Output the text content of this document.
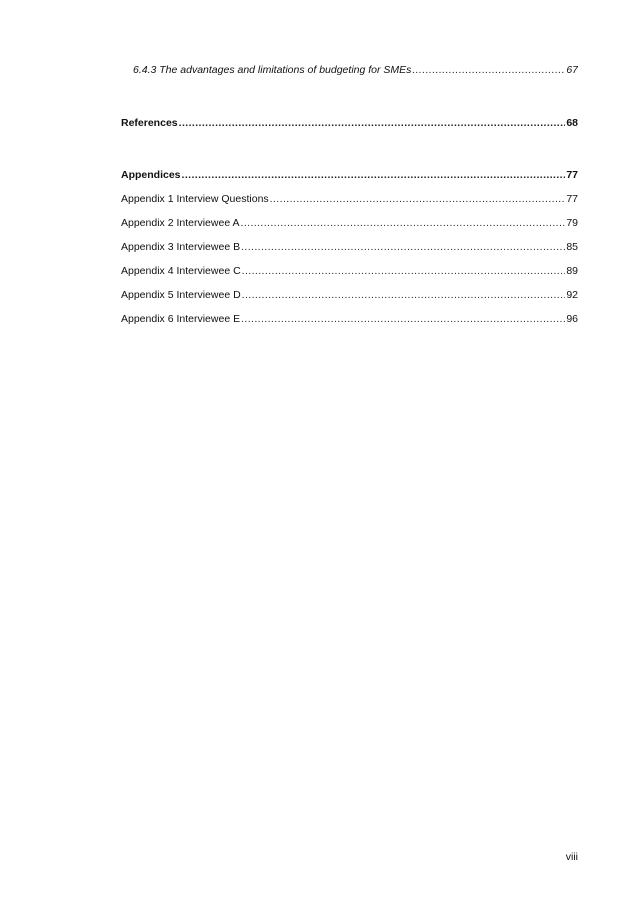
6.4.3 The advantages and limitations of budgeting for SMEs .....	67
References .....	68
Appendices .....	77
Appendix 1 Interview Questions .....	77
Appendix 2 Interviewee A .....	79
Appendix 3 Interviewee B .....	85
Appendix 4 Interviewee C .....	89
Appendix 5 Interviewee D .....	92
Appendix 6 Interviewee E .....	96
viii
